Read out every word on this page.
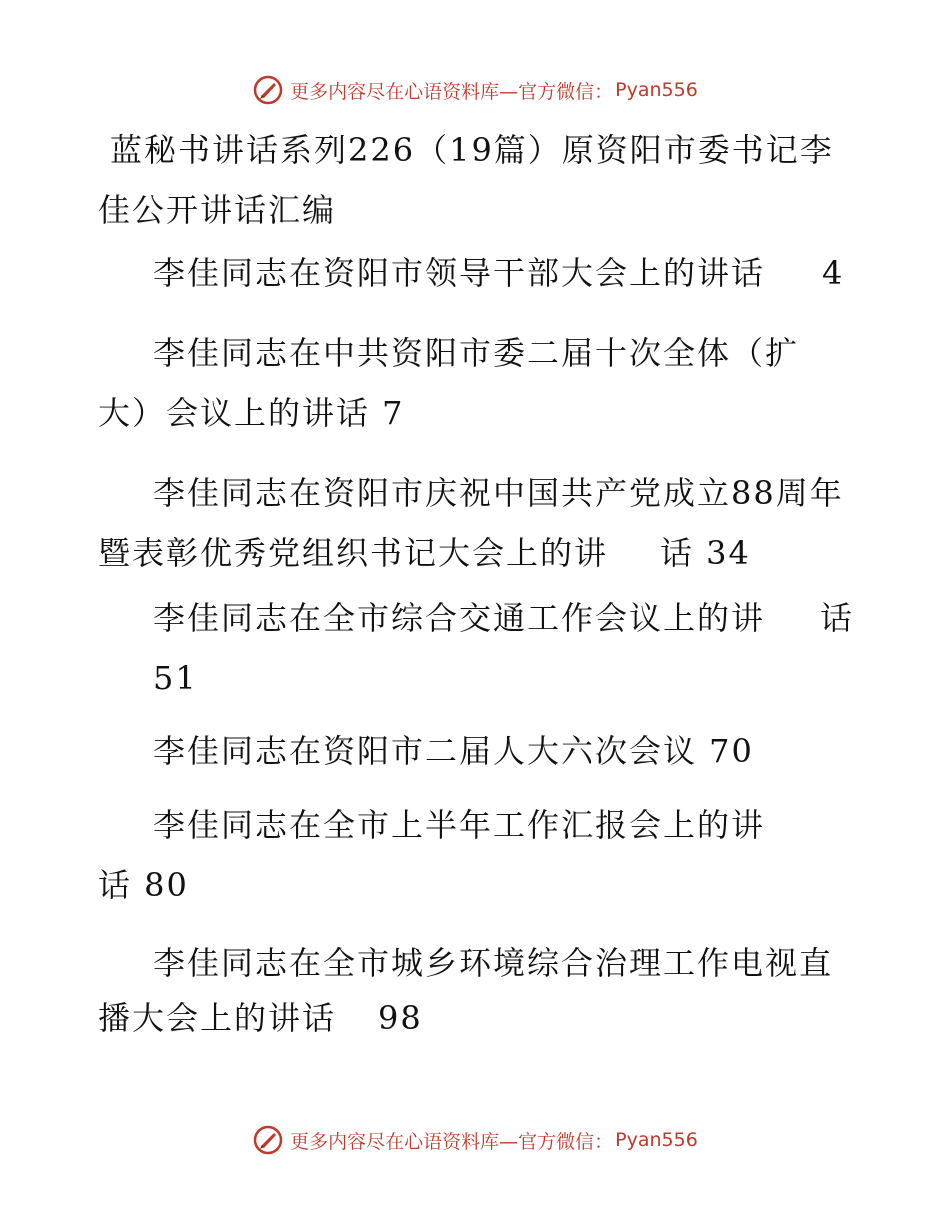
更多内容尽在心语资料库—官方微信： Pyan556
蓝秘书讲话系列226（19篇）原资阳市委书记李
佳公开讲话汇编
李佳同志在资阳市领导干部大会上的讲话 4
李佳同志在中共资阳市委二届十次全体（扩
大）会议上的讲话 7
李佳同志在资阳市庆祝中国共产党成立88周年
暨表彰优秀党组织书记大会上的讲 话 34
李佳同志在全市综合交通工作会议上的讲 话
51
李佳同志在资阳市二届人大六次会议 70
李佳同志在全市上半年工作汇报会上的讲
话 80
李佳同志在全市城乡环境综合治理工作电视直
播大会上的讲话 98
更多内容尽在心语资料库—官方微信： Pyan556
